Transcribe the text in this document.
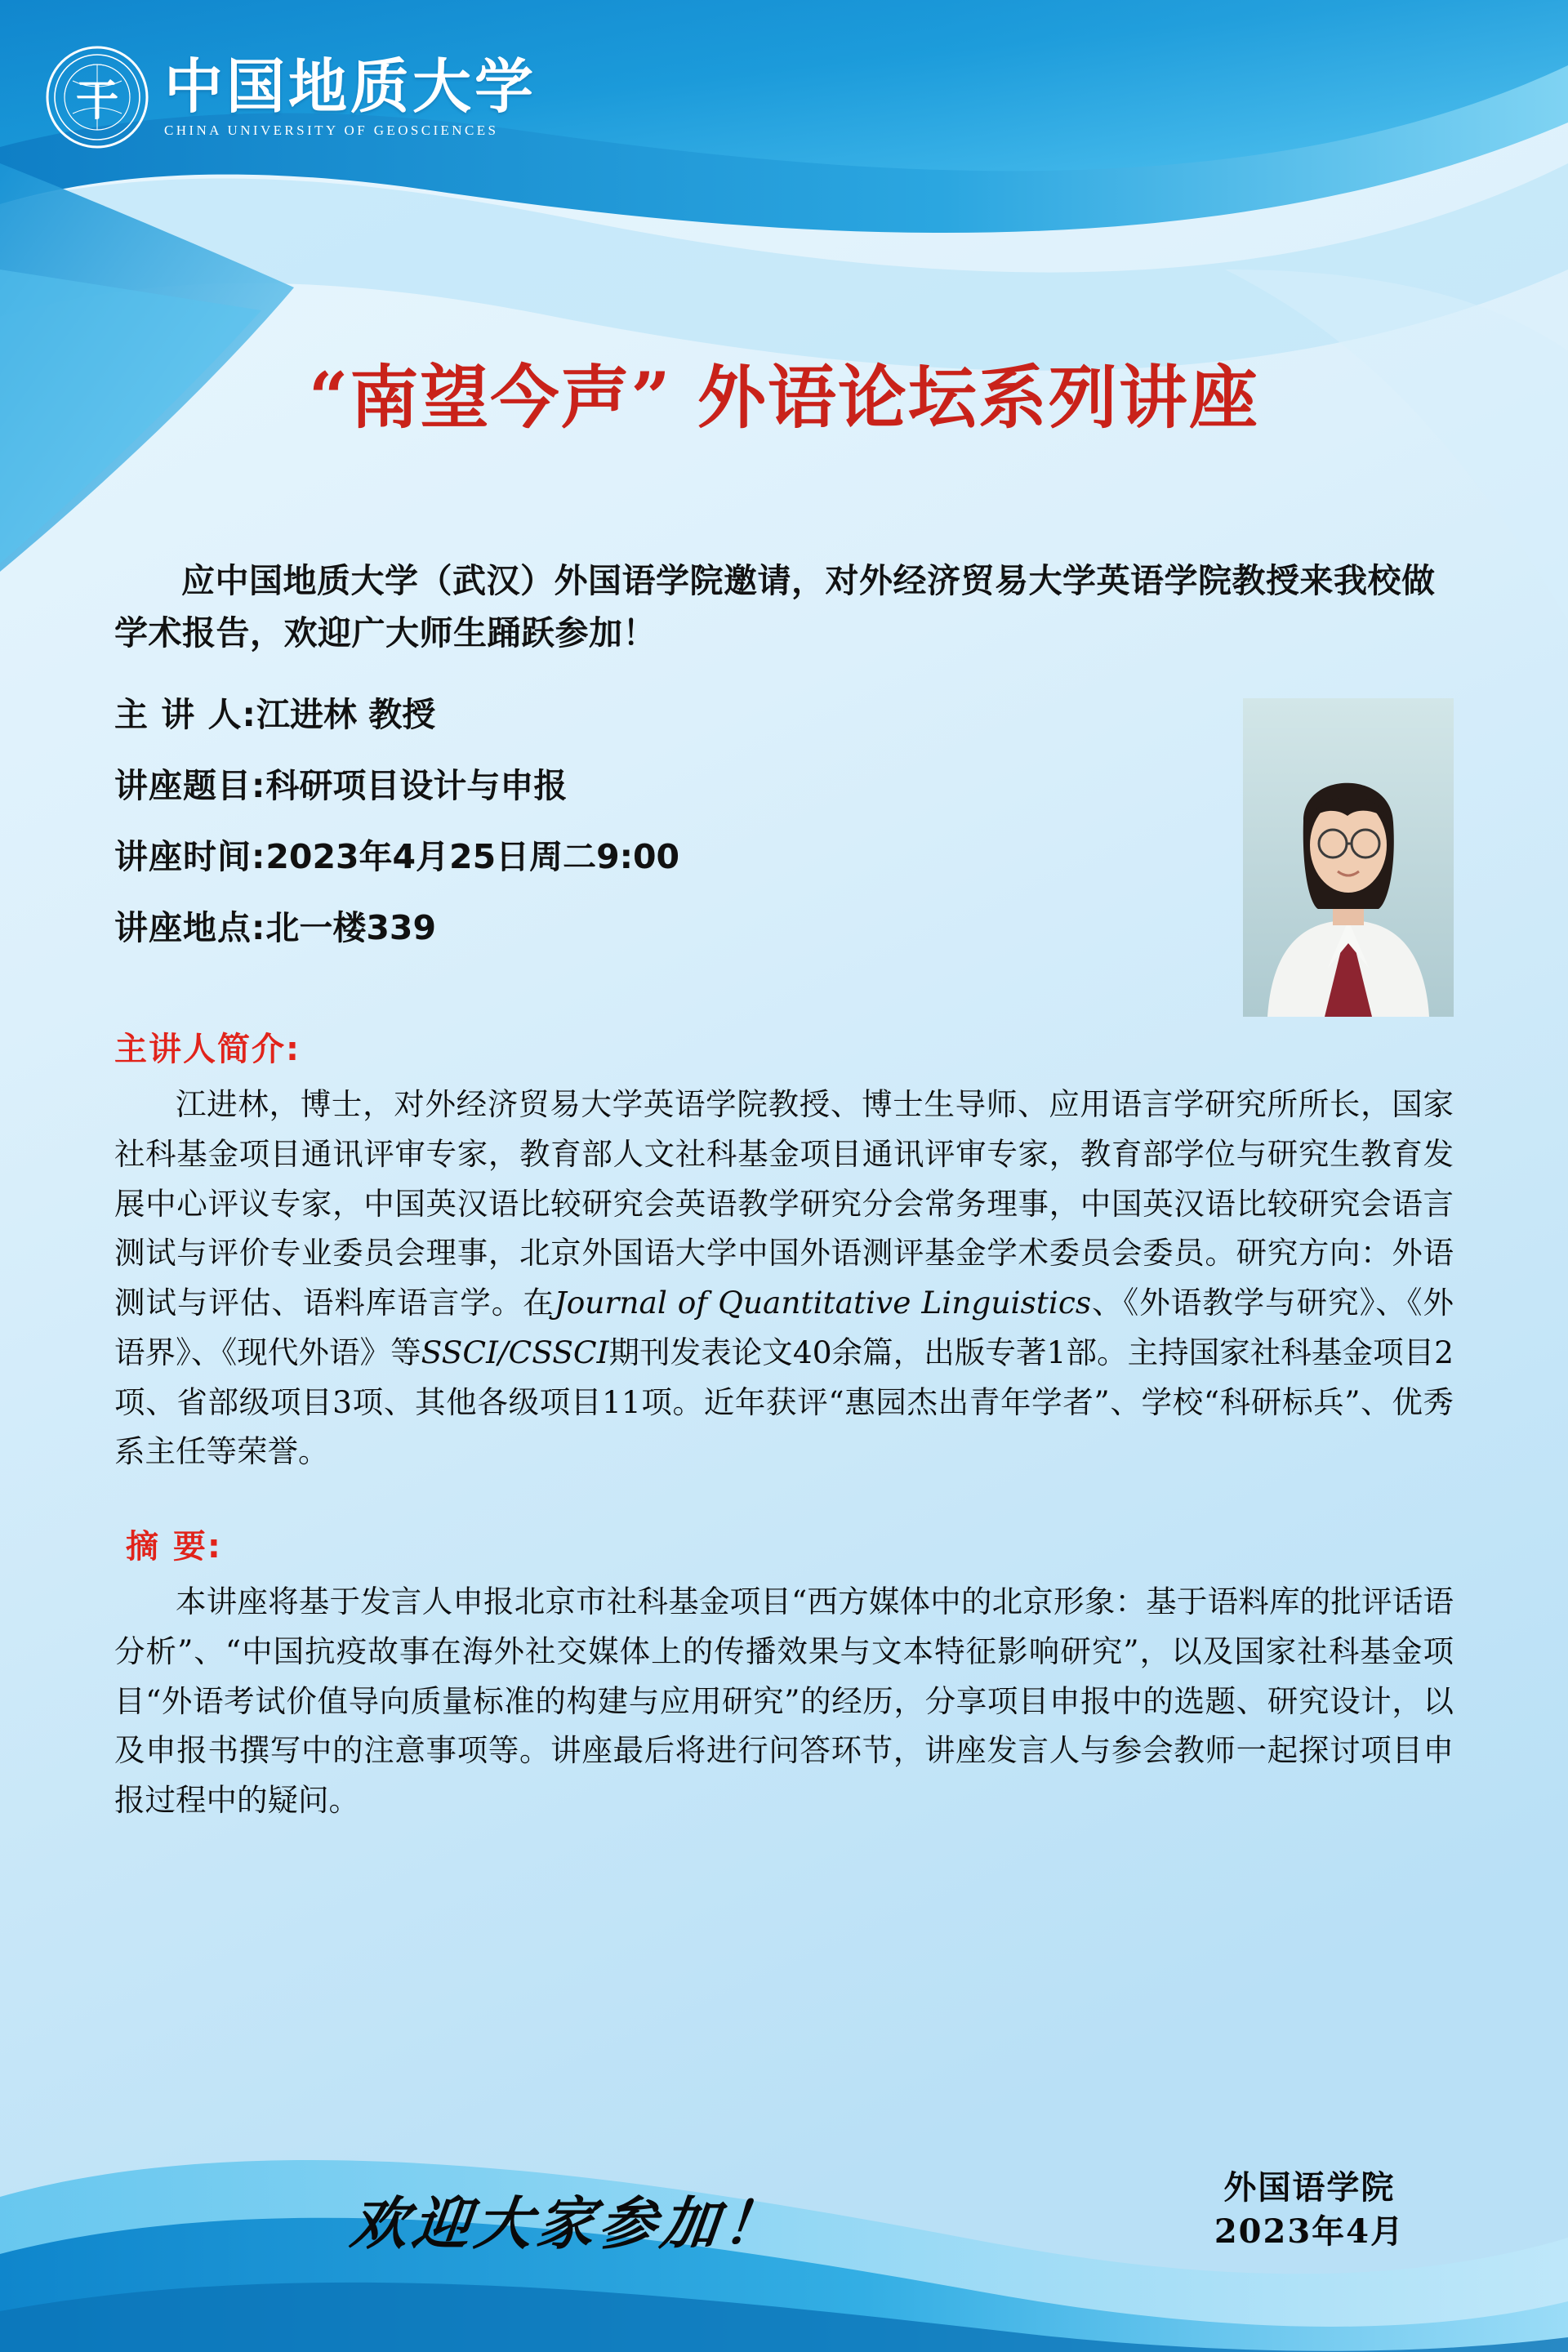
干 中国地质大学
CHINA UNIVERSITY OF GEOSCIENCES
“南望今声” 外语论坛系列讲座
应中国地质大学（武汉）外国语学院邀请，对外经济贸易大学英语学院教授来我校做学术报告，欢迎广大师生踊跃参加！
主 讲 人:江进林 教授
讲座题目:科研项目设计与申报
讲座时间:2023年4月25日周二9:00
讲座地点:北一楼339
主讲人简介:
江进林，博士，对外经济贸易大学英语学院教授、博士生导师、应用语言学研究所所长，国家社科基金项目通讯评审专家，教育部人文社科基金项目通讯评审专家，教育部学位与研究生教育发展中心评议专家，中国英汉语比较研究会英语教学研究分会常务理事，中国英汉语比较研究会语言测试与评价专业委员会理事，北京外国语大学中国外语测评基金学术委员会委员。研究方向：外语测试与评估、语料库语言学。在Journal of Quantitative Linguistics、《外语教学与研究》、《外语界》、《现代外语》等SSCI/CSSCI期刊发表论文40余篇，出版专著1部。主持国家社科基金项目2项、省部级项目3项、其他各级项目11项。近年获评“惠园杰出青年学者”、学校“科研标兵”、优秀系主任等荣誉。
摘 要:
本讲座将基于发言人申报北京市社科基金项目“西方媒体中的北京形象：基于语料库的批评话语分析”、“中国抗疫故事在海外社交媒体上的传播效果与文本特征影响研究”，以及国家社科基金项目“外语考试价值导向质量标准的构建与应用研究”的经历，分享项目申报中的选题、研究设计，以及申报书撰写中的注意事项等。讲座最后将进行问答环节，讲座发言人与参会教师一起探讨项目申报过程中的疑问。
欢迎大家参加！
外国语学院
2023年4月
